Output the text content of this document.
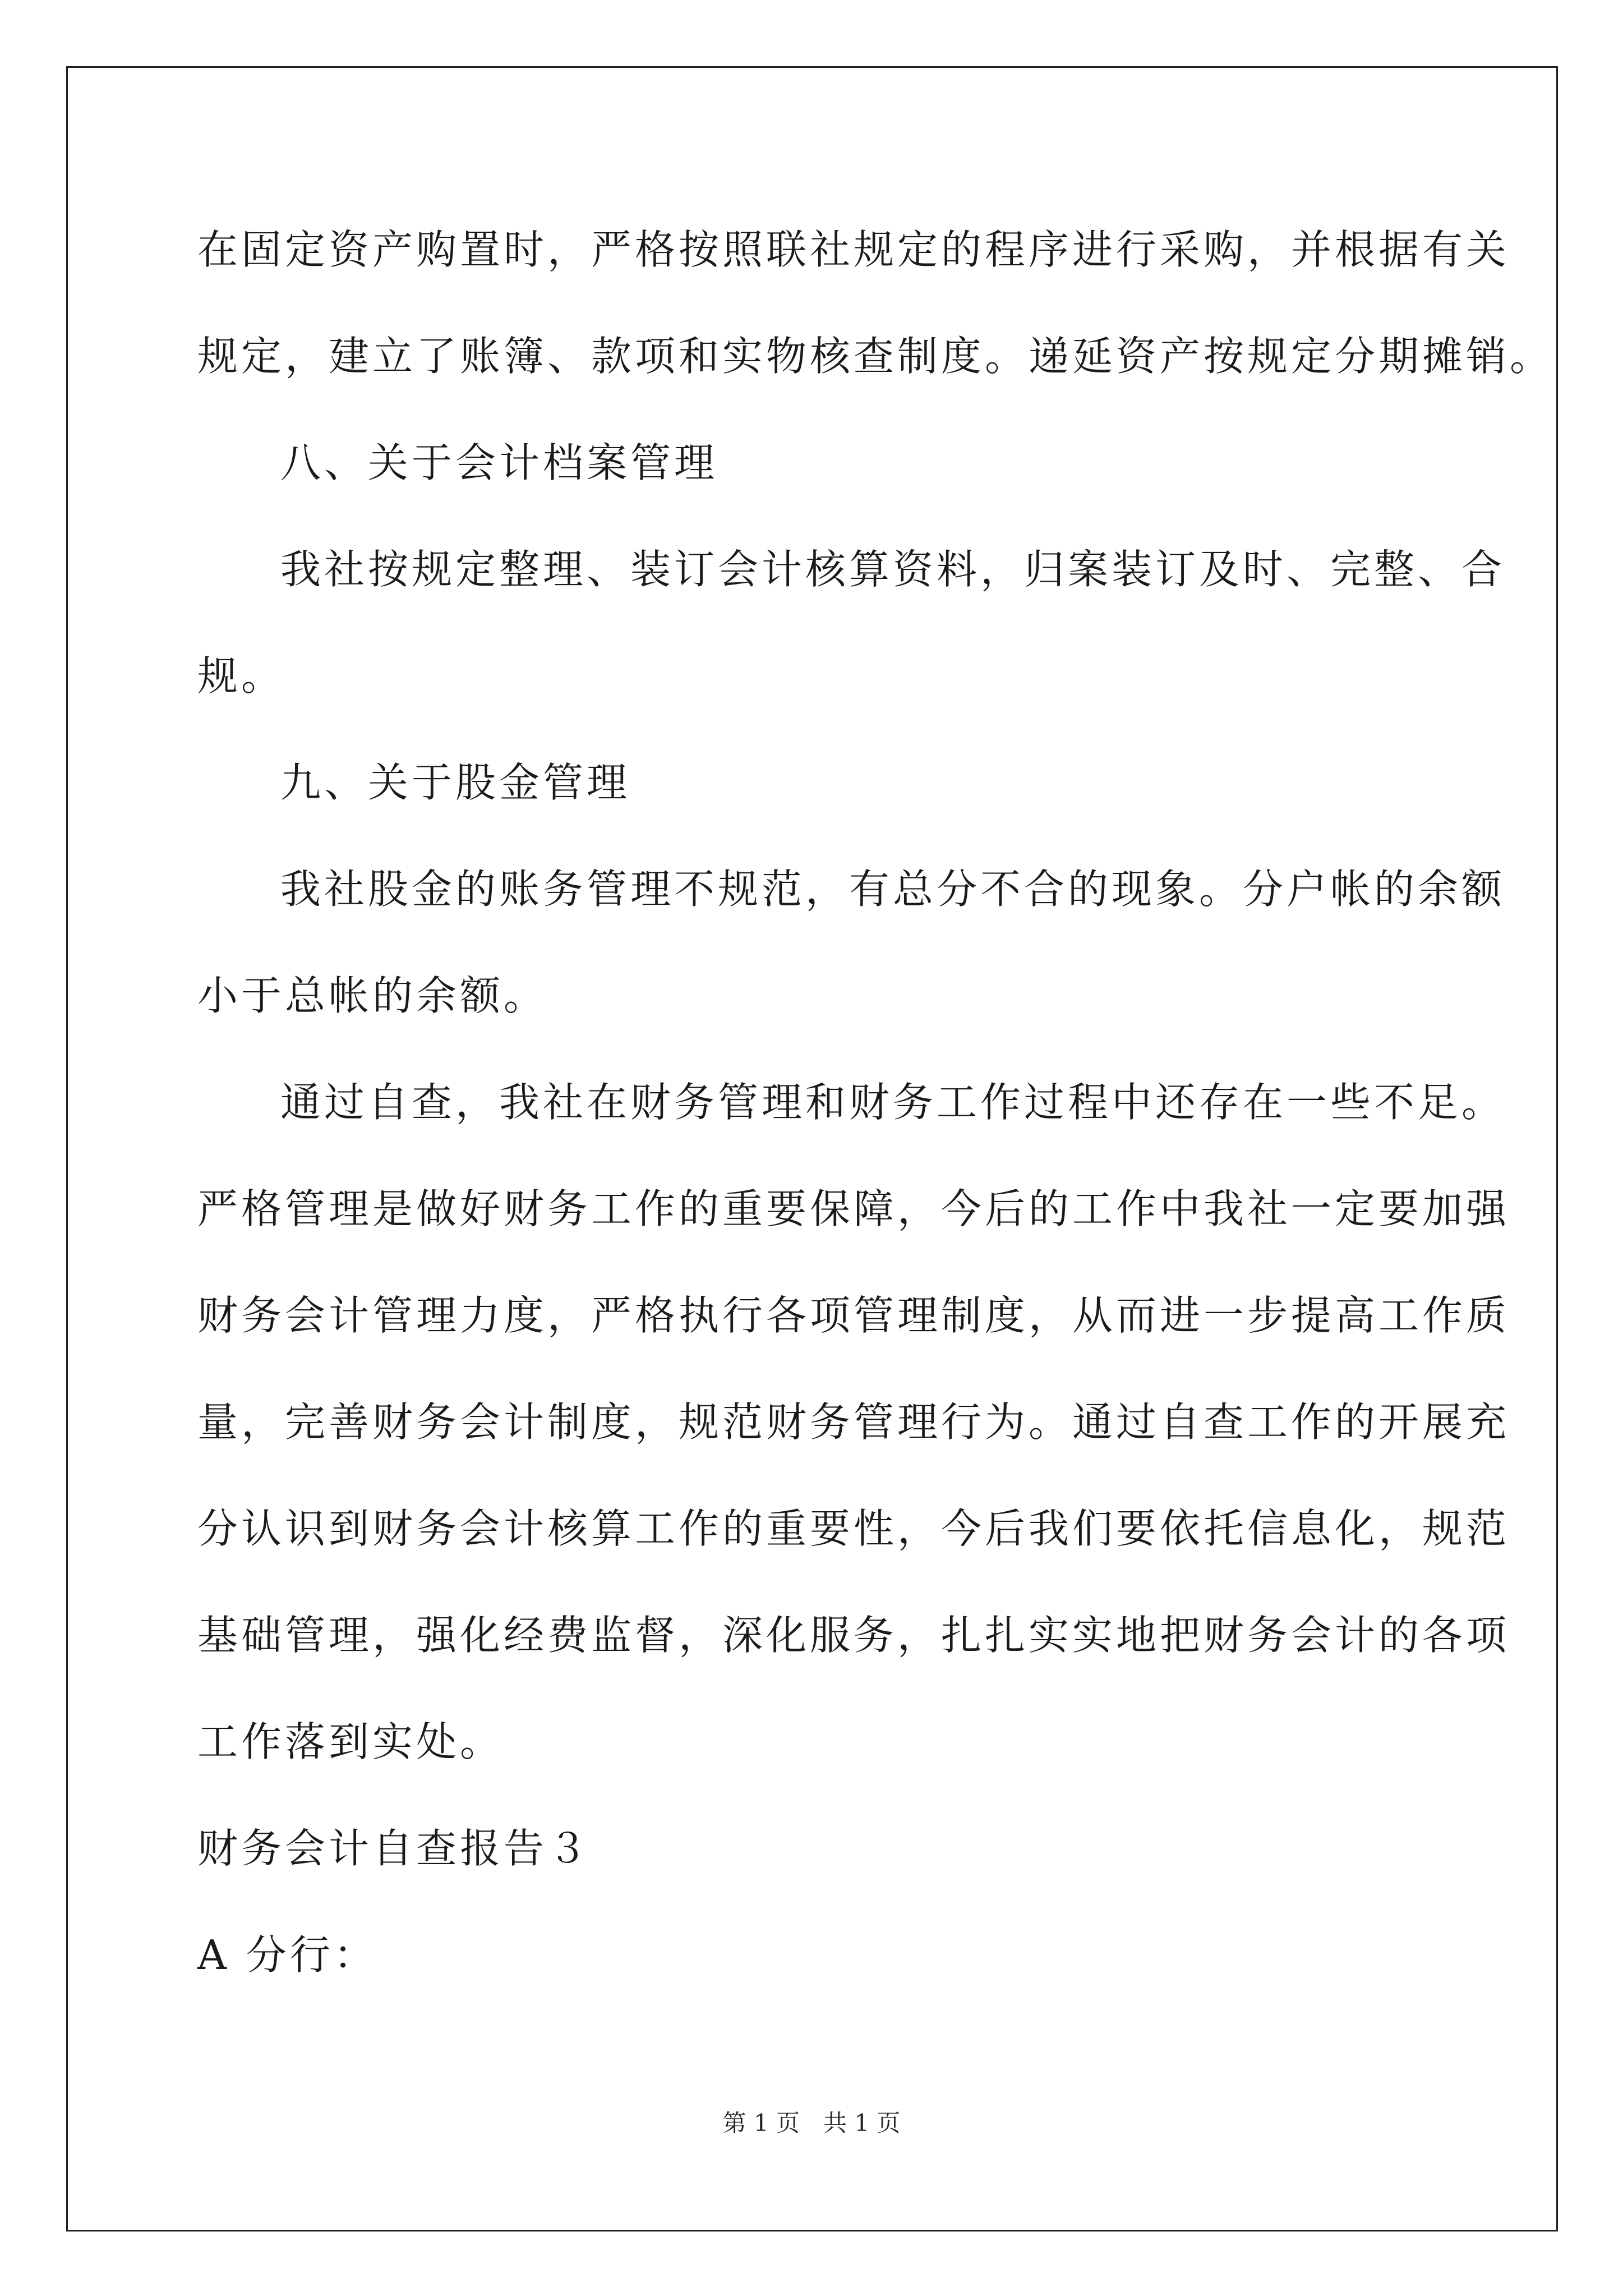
在固定资产购置时，严格按照联社规定的程序进行采购，并根据有关
规定，建立了账簿、款项和实物核查制度。递延资产按规定分期摊销。
八、关于会计档案管理
我社按规定整理、装订会计核算资料，归案装订及时、完整、合
规。
九、关于股金管理
我社股金的账务管理不规范，有总分不合的现象。分户帐的余额
小于总帐的余额。
通过自查，我社在财务管理和财务工作过程中还存在一些不足。
严格管理是做好财务工作的重要保障，今后的工作中我社一定要加强
财务会计管理力度，严格执行各项管理制度，从而进一步提高工作质
量，完善财务会计制度，规范财务管理行为。通过自查工作的开展充
分认识到财务会计核算工作的重要性，今后我们要依托信息化，规范
基础管理，强化经费监督，深化服务，扎扎实实地把财务会计的各项
工作落到实处。
财务会计自查报告３
A 分行：
第 1 页　共 1 页
